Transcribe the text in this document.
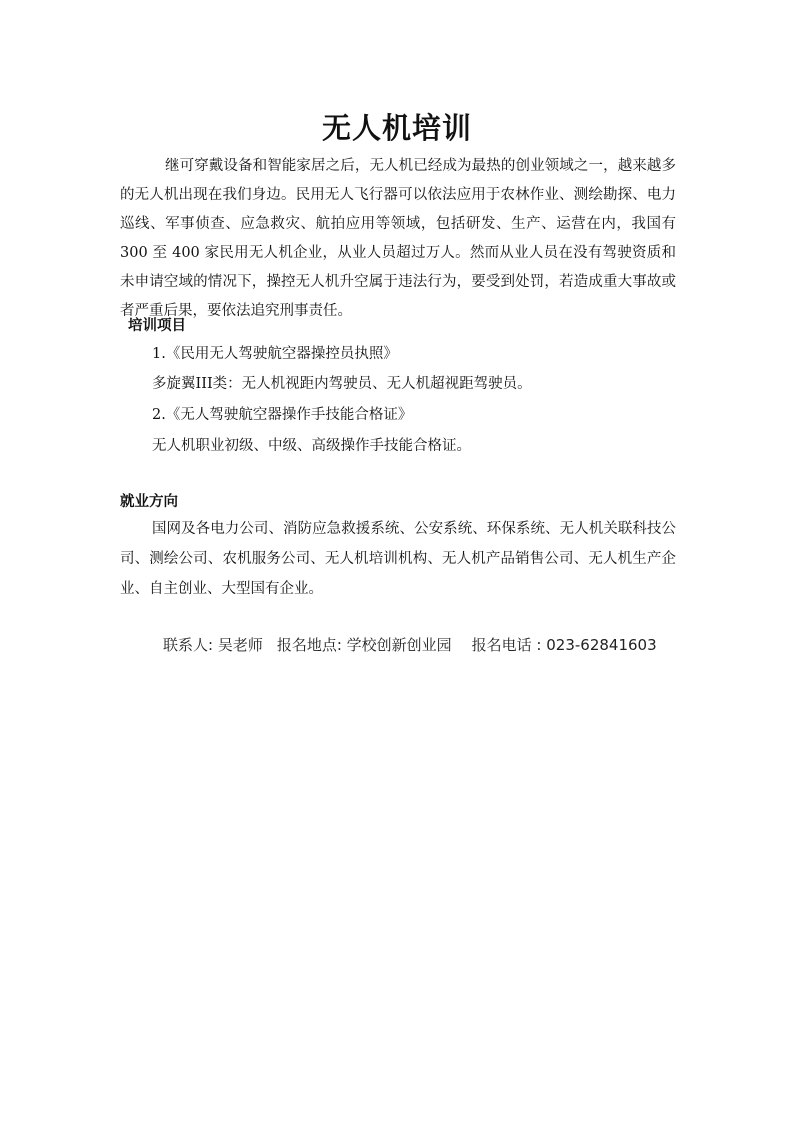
无人机培训

继可穿戴设备和智能家居之后，无人机已经成为最热的创业领域之一，越来越多的无人机出现在我们身边。民用无人飞行器可以依法应用于农林作业、测绘勘探、电力巡线、军事侦查、应急救灾、航拍应用等领域，包括研发、生产、运营在内，我国有 300 至 400 家民用无人机企业，从业人员超过万人。然而从业人员在没有驾驶资质和未申请空域的情况下，操控无人机升空属于违法行为，要受到处罚，若造成重大事故或者严重后果，要依法追究刑事责任。

培训项目
1.《民用无人驾驶航空器操控员执照》
多旋翼III类：无人机视距内驾驶员、无人机超视距驾驶员。
2.《无人驾驶航空器操作手技能合格证》
无人机职业初级、中级、高级操作手技能合格证。
就业方向

国网及各电力公司、消防应急救援系统、公安系统、环保系统、无人机关联科技公司、测绘公司、农机服务公司、无人机培训机构、无人机产品销售公司、无人机生产企业、自主创业、大型国有企业。

联系人: 吴老师 报名地点: 学校创新创业园 报名电话 : 023-62841603
